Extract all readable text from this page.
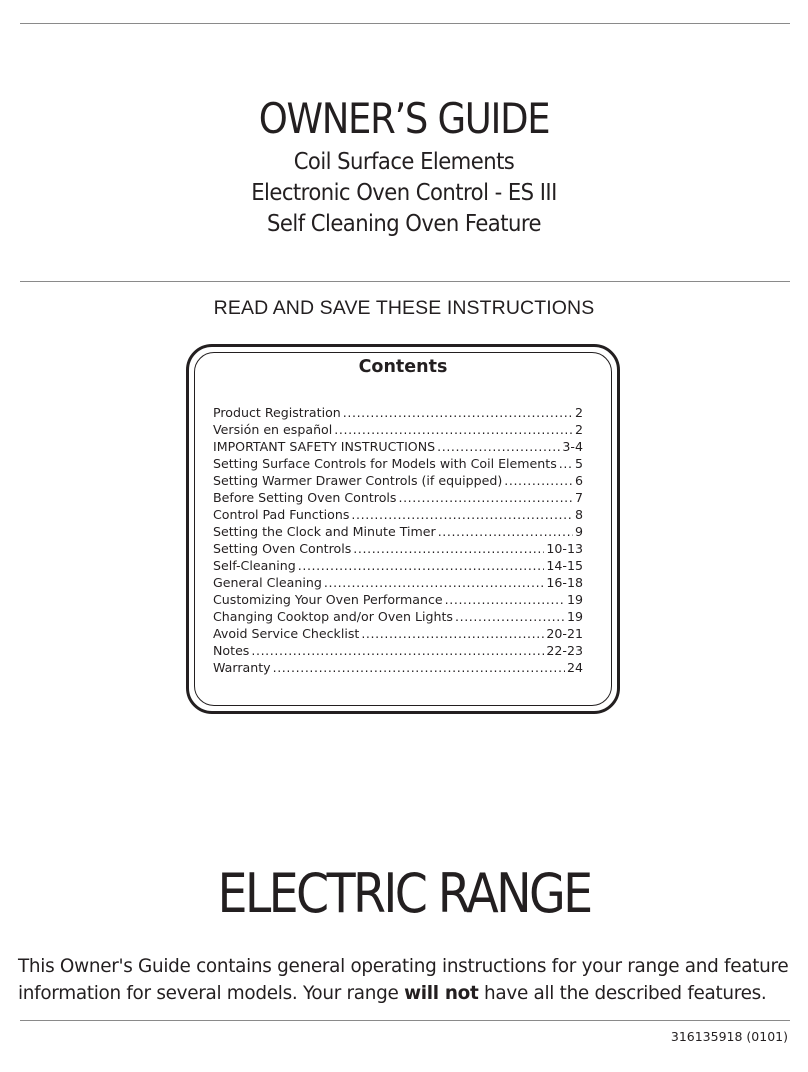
OWNER’S GUIDE
Coil Surface Elements
Electronic Oven Control - ES III
Self Cleaning Oven Feature
READ AND SAVE THESE INSTRUCTIONS
Contents
Product Registration .....	2
Versión en español .....	2
IMPORTANT SAFETY INSTRUCTIONS .....	3-4
Setting Surface Controls for Models with Coil Elements ..... 5
Setting Warmer Drawer Controls (if equipped) .....	6
Before Setting Oven Controls .....	7
Control Pad Functions .....	8
Setting the Clock and Minute Timer .....	9
Setting Oven Controls .....	10-13
Self-Cleaning .....	14-15
General Cleaning .....	16-18
Customizing Your Oven Performance .....	19
Changing Cooktop and/or Oven Lights .....	19
Avoid Service Checklist .....	20-21
Notes .....	22-23
Warranty .....	24
ELECTRIC RANGE
This Owner's Guide contains general operating instructions for your range and feature
information for several models. Your range will not have all the described features.
316135918 (0101)
